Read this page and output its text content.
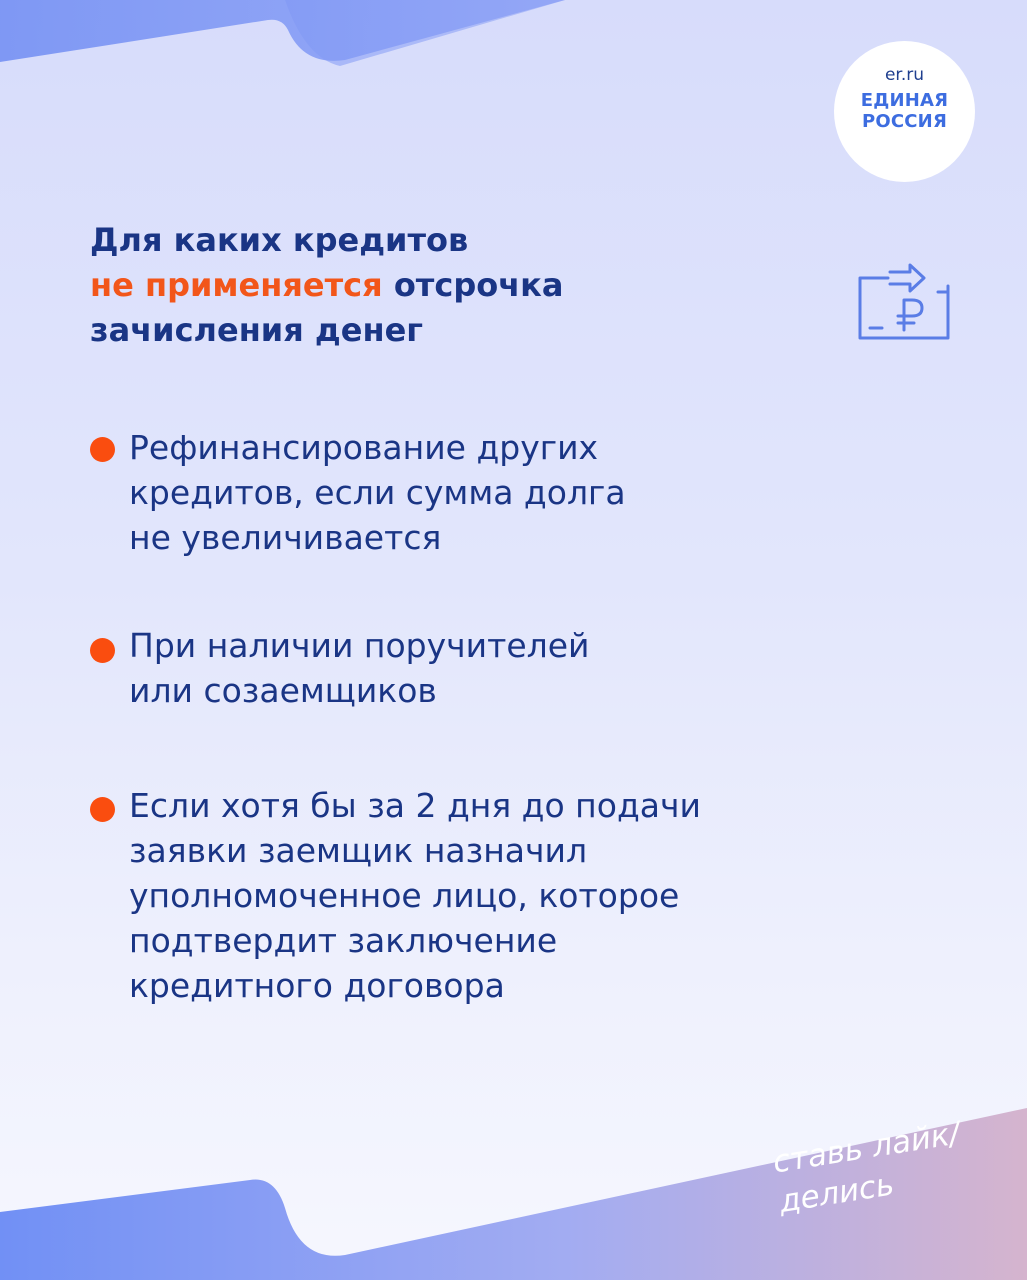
er.ru
ЕДИНАЯ
РОССИЯ
Для каких кредитов
не применяется отсрочка
зачисления денег
Рефинансирование других
кредитов, если сумма долга
не увеличивается
При наличии поручителей
или созаемщиков
Если хотя бы за 2 дня до подачи
заявки заемщик назначил
уполномоченное лицо, которое
подтвердит заключение
кредитного договора
ставь лайк/
делись
